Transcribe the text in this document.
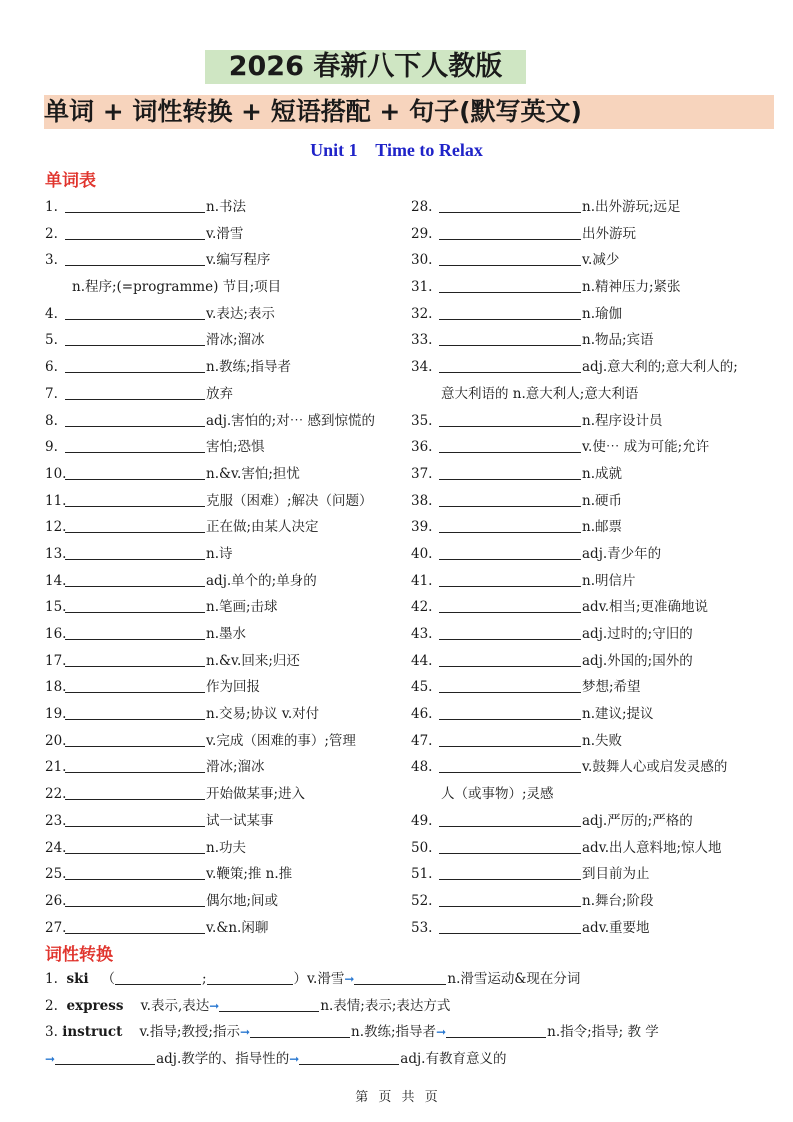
2026 春新八下人教版
单词 + 词性转换 + 短语搭配 + 句子(默写英文)
Unit 1    Time to Relax
单词表
1.	n.书法
2.	v.滑雪
3.	v.编写程序
n.程序;(=programme) 节目;项目
4.	v.表达;表示
5.	滑冰;溜冰
6.	n.教练;指导者
7.	放弃
8.	adj.害怕的;对⋯ 感到惊慌的
9.	害怕;恐惧
10.	n.&v.害怕;担忧
11.	克服（困难）;解决（问题）
12.	正在做;由某人决定
13.	n.诗
14.	adj.单个的;单身的
15.	n.笔画;击球
16.	n.墨水
17.	n.&v.回来;归还
18.	作为回报
19.	n.交易;协议 v.对付
20.	v.完成（困难的事）;管理
21.	滑冰;溜冰
22.	开始做某事;进入
23.	试一试某事
24.	n.功夫
25.	v.鞭策;推 n.推
26.	偶尔地;间或
27.	v.&n.闲聊
28.	n.出外游玩;远足
29.	出外游玩
30.	v.减少
31.	n.精神压力;紧张
32.	n.瑜伽
33.	n.物品;宾语
34.	adj.意大利的;意大利人的;
意大利语的 n.意大利人;意大利语
35.	n.程序设计员
36.	v.使⋯ 成为可能;允许
37.	n.成就
38.	n.硬币
39.	n.邮票
40.	adj.青少年的
41.	n.明信片
42.	adv.相当;更准确地说
43.	adj.过时的;守旧的
44.	adj.外国的;国外的
45.	梦想;希望
46.	n.建议;提议
47.	n.失败
48.	v.鼓舞人心或启发灵感的
人（或事物）;灵感
49.	adj.严厉的;严格的
50.	adv.出人意料地;惊人地
51.	到目前为止
52.	n.舞台;阶段
53.	adv.重要地
词性转换
1. ski （	;	）v.滑雪➞	n.滑雪运动&现在分词
2. express v.表示,表达➞	n.表情;表示;表达方式
3. instruct v.指导;教授;指示➞	n.教练;指导者➞	n.指令;指导; 教 学
➞	adj.教学的、指导性的➞	adj.有教育意义的
第 页 共 页
